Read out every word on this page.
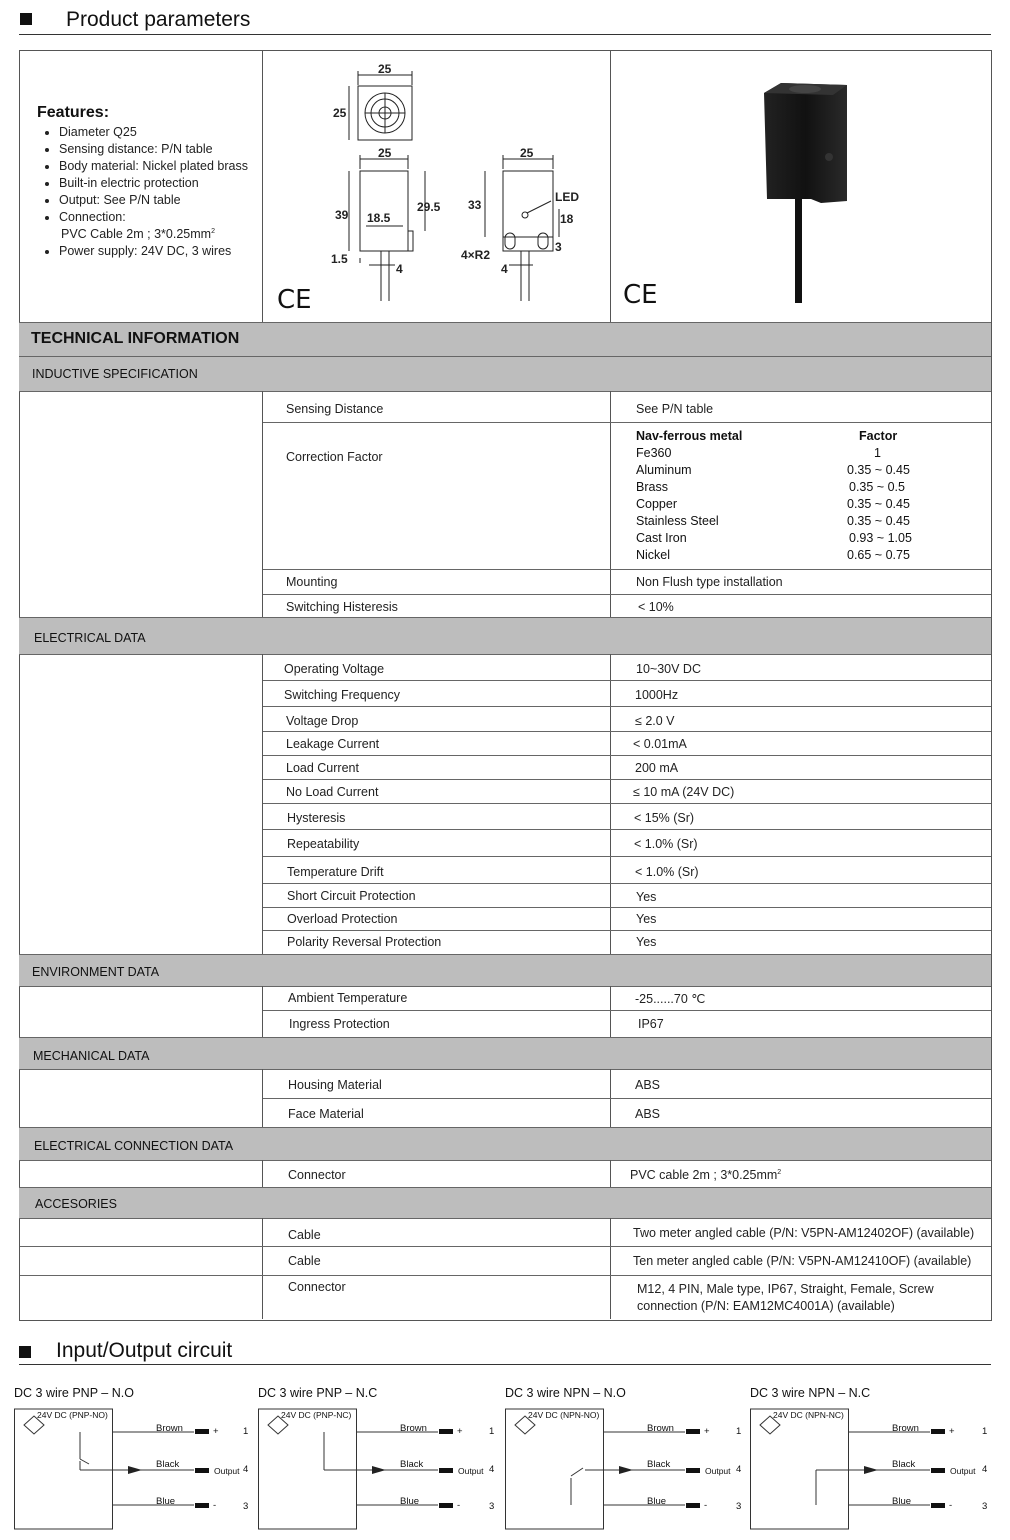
Product parameters
Features:
• Diameter Q25
• Sensing distance: P/N table
• Body material: Nickel plated brass
• Built-in electric protection
• Output: See P/N table
• Connection:
PVC Cable 2m ; $3*0.25mm^2$
• Power supply: 24V DC, 3 wires
25
25
25
39
29.5
18.5
4
1.5
25
33
LED
18
3
4×R2
4
CE	CE
TECHNICAL INFORMATION
INDUCTIVE SPECIFICATION
Sensing Distance	See P/N table
Correction Factor
Nav-ferrous metal	Factor
Fe360	1
Aluminum	0.35 ~ 0.45
Brass	0.35 ~ 0.5
Copper	0.35 ~ 0.45
Stainless Steel	0.35 ~ 0.45
Cast Iron	0.93 ~ 1.05
Nickel	0.65 ~ 0.75
Mounting	Non Flush type installation
Switching Histeresis	< 10%
ELECTRICAL DATA
Operating Voltage	10~30V DC
Switching Frequency	1000Hz
Voltage Drop	≤ 2.0 V
Leakage Current	< 0.01mA
Load Current	200 mA
No Load Current	≤ 10 mA (24V DC)
Hysteresis	< 15% (Sr)
Repeatability	< 1.0% (Sr)
Temperature Drift	< 1.0% (Sr)
Short Circuit Protection	Yes
Overload Protection	Yes
Polarity Reversal Protection	Yes
ENVIRONMENT DATA
Ambient Temperature	-25......70 ℃
Ingress Protection	IP67
MECHANICAL DATA
Housing Material	ABS
Face Material	ABS
ELECTRICAL CONNECTION DATA
Connector	PVC cable 2m ; $3*0.25mm^2$
ACCESORIES
Cable	Two meter angled cable (P/N: V5PN-AM12402OF) (available)
Cable	Ten meter angled cable (P/N: V5PN-AM12410OF) (available)
Connector	M12, 4 PIN, Male type, IP67, Straight, Female, Screw
connection (P/N: EAM12MC4001A) (available)
Input/Output circuit
DC 3 wire PNP – N.O
24V DC (PNP-NO)
Brown
Black
Blue
+
Output
-
1
4
3
DC 3 wire PNP – N.C
24V DC (PNP-NC)
Brown
Black
Blue
+
Output
-
1
4
3
DC 3 wire NPN – N.O
24V DC (NPN-NO)
Brown
Black
Blue
+
Output
-
1
4
3
DC 3 wire NPN – N.C
24V DC (NPN-NC)
Brown
Black
Blue
+
Output
-
1
4
3
